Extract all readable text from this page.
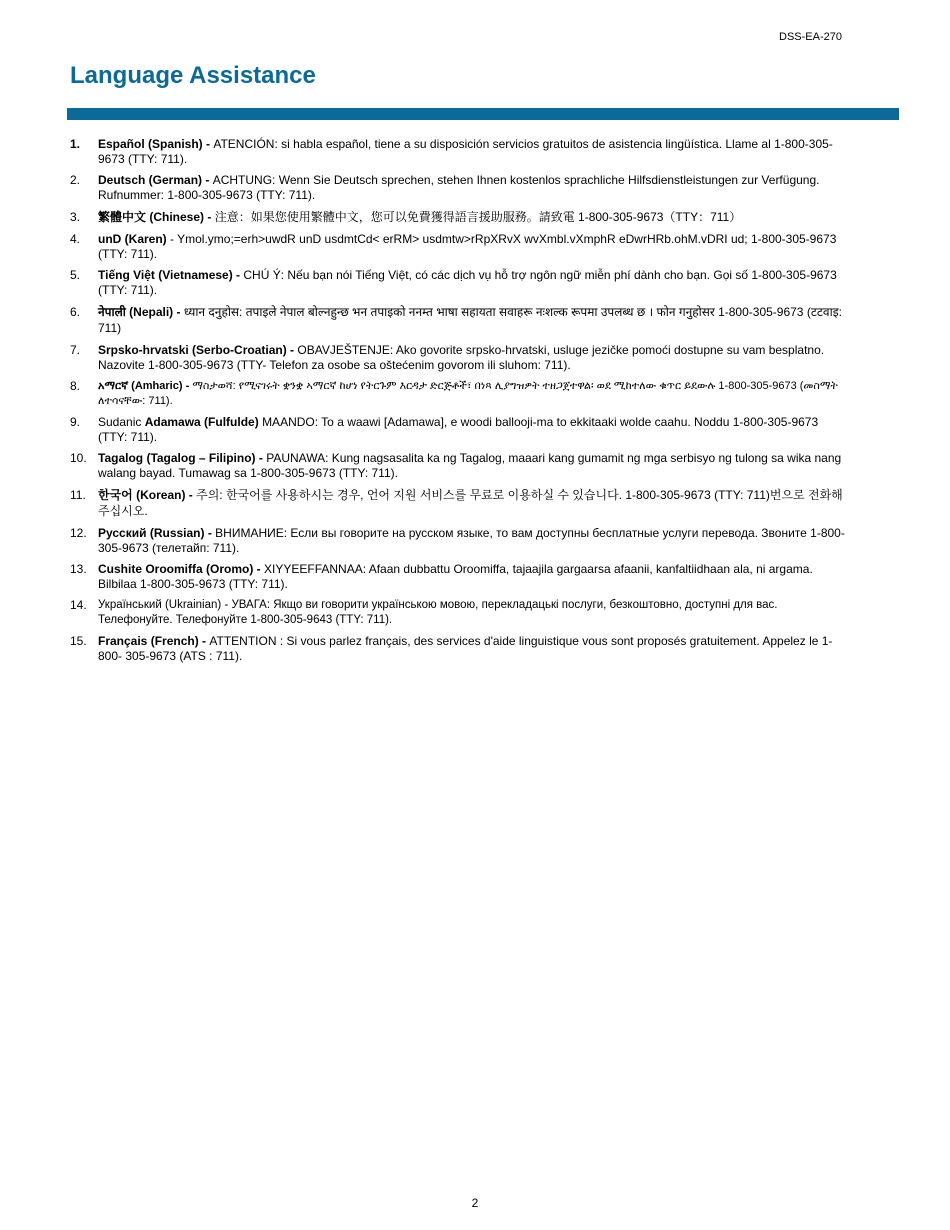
DSS-EA-270
Language Assistance
1.	Español (Spanish) - ATENCIÓN: si habla español, tiene a su disposición servicios gratuitos de asistencia lingüística. Llame al 1-800-305- 9673 (TTY: 711).
2.	Deutsch (German) - ACHTUNG: Wenn Sie Deutsch sprechen, stehen Ihnen kostenlos sprachliche Hilfsdienstleistungen zur Verfügung. Rufnummer: 1-800-305-9673 (TTY: 711).
3.	繁體中文 (Chinese) - 注意：如果您使用繁體中文，您可以免費獲得語言援助服務。請致電 1-800-305-9673（TTY：711）
4.	unD (Karen) - Ymol.ymo;=erh>uwdR unD usdmtCd< erRM> usdmtw>rRpXRvX wvXmbl.vXmphR eDwrHRb.ohM.vDRI ud; 1-800-305-9673 (TTY: 711).
5.	Tiếng Việt (Vietnamese) - CHÚ Ý: Nếu bạn nói Tiếng Việt, có các dịch vụ hỗ trợ ngôn ngữ miễn phí dành cho bạn. Gọi số 1-800-305-9673 (TTY: 711).
6.	नेपाली (Nepali) - ध्यान दनुहोस: तपाइले नेपाल बोल्नहुन्छ भन तपाइको ननम्त भाषा सहायता सवाहरू नःशल्क रूपमा उपलब्ध छ । फोन गनुहोसर 1-800-305-9673 (टटवाइ: 711)
7.	Srpsko-hrvatski (Serbo-Croatian) - OBAVJEŠTENJE: Ako govorite srpsko-hrvatski, usluge jezičke pomoći dostupne su vam besplatno. Nazovite 1-800-305-9673 (TTY- Telefon za osobe sa oštećenim govorom ili sluhom: 711).
8.	አማርኛ (Amharic) - ማስታወሻ: የሚናገሩት ቋንቋ ኣማርኛ ከሆነ የትርጉም እርዳታ ድርጅቶች፣ በነጻ ሊያግዝዎት ተዘጋጀተዋል፡ ወደ ሚከተለው ቁጥር ይደውሉ 1-800-305-9673 (መስማት ለተሳናቸው: 711).
9.	Sudanic Adamawa (Fulfulde) MAANDO: To a waawi [Adamawa], e woodi ballooji-ma to ekkitaaki wolde caahu. Noddu 1-800-305-9673 (TTY: 711).
10. Tagalog (Tagalog – Filipino) - PAUNAWA: Kung nagsasalita ka ng Tagalog, maaari kang gumamit ng mga serbisyo ng tulong sa wika nang walang bayad. Tumawag sa 1-800-305-9673 (TTY: 711).
11.	한국어 (Korean) - 주의: 한국어를 사용하시는 경우, 언어 지원 서비스를 무료로 이용하실 수 있습니다. 1-800-305-9673 (TTY: 711)번으로 전화해 주십시오.
12. Русский (Russian) - ВНИМАНИЕ: Если вы говорите на русском языке, то вам доступны бесплатные услуги перевода. Звоните 1-800- 305-9673 (телетайп: 711).
13. Cushite Oroomiffa (Oromo) - XIYYEEFFANNAA: Afaan dubbattu Oroomiffa, tajaajila gargaarsa afaanii, kanfaltiidhaan ala, ni argama. Bilbilaa 1-800-305-9673 (TTY: 711).
14. Український (Ukrainian) - УВАГА: Якщо ви говорити українською мовою, перекладацькі послуги, безкоштовно, доступні для вас. Телефонуйте. Телефонуйте 1-800-305-9643 (TTY: 711).
15. Français (French) - ATTENTION : Si vous parlez français, des services d'aide linguistique vous sont proposés gratuitement. Appelez le 1-800- 305-9673 (ATS : 711).
2
